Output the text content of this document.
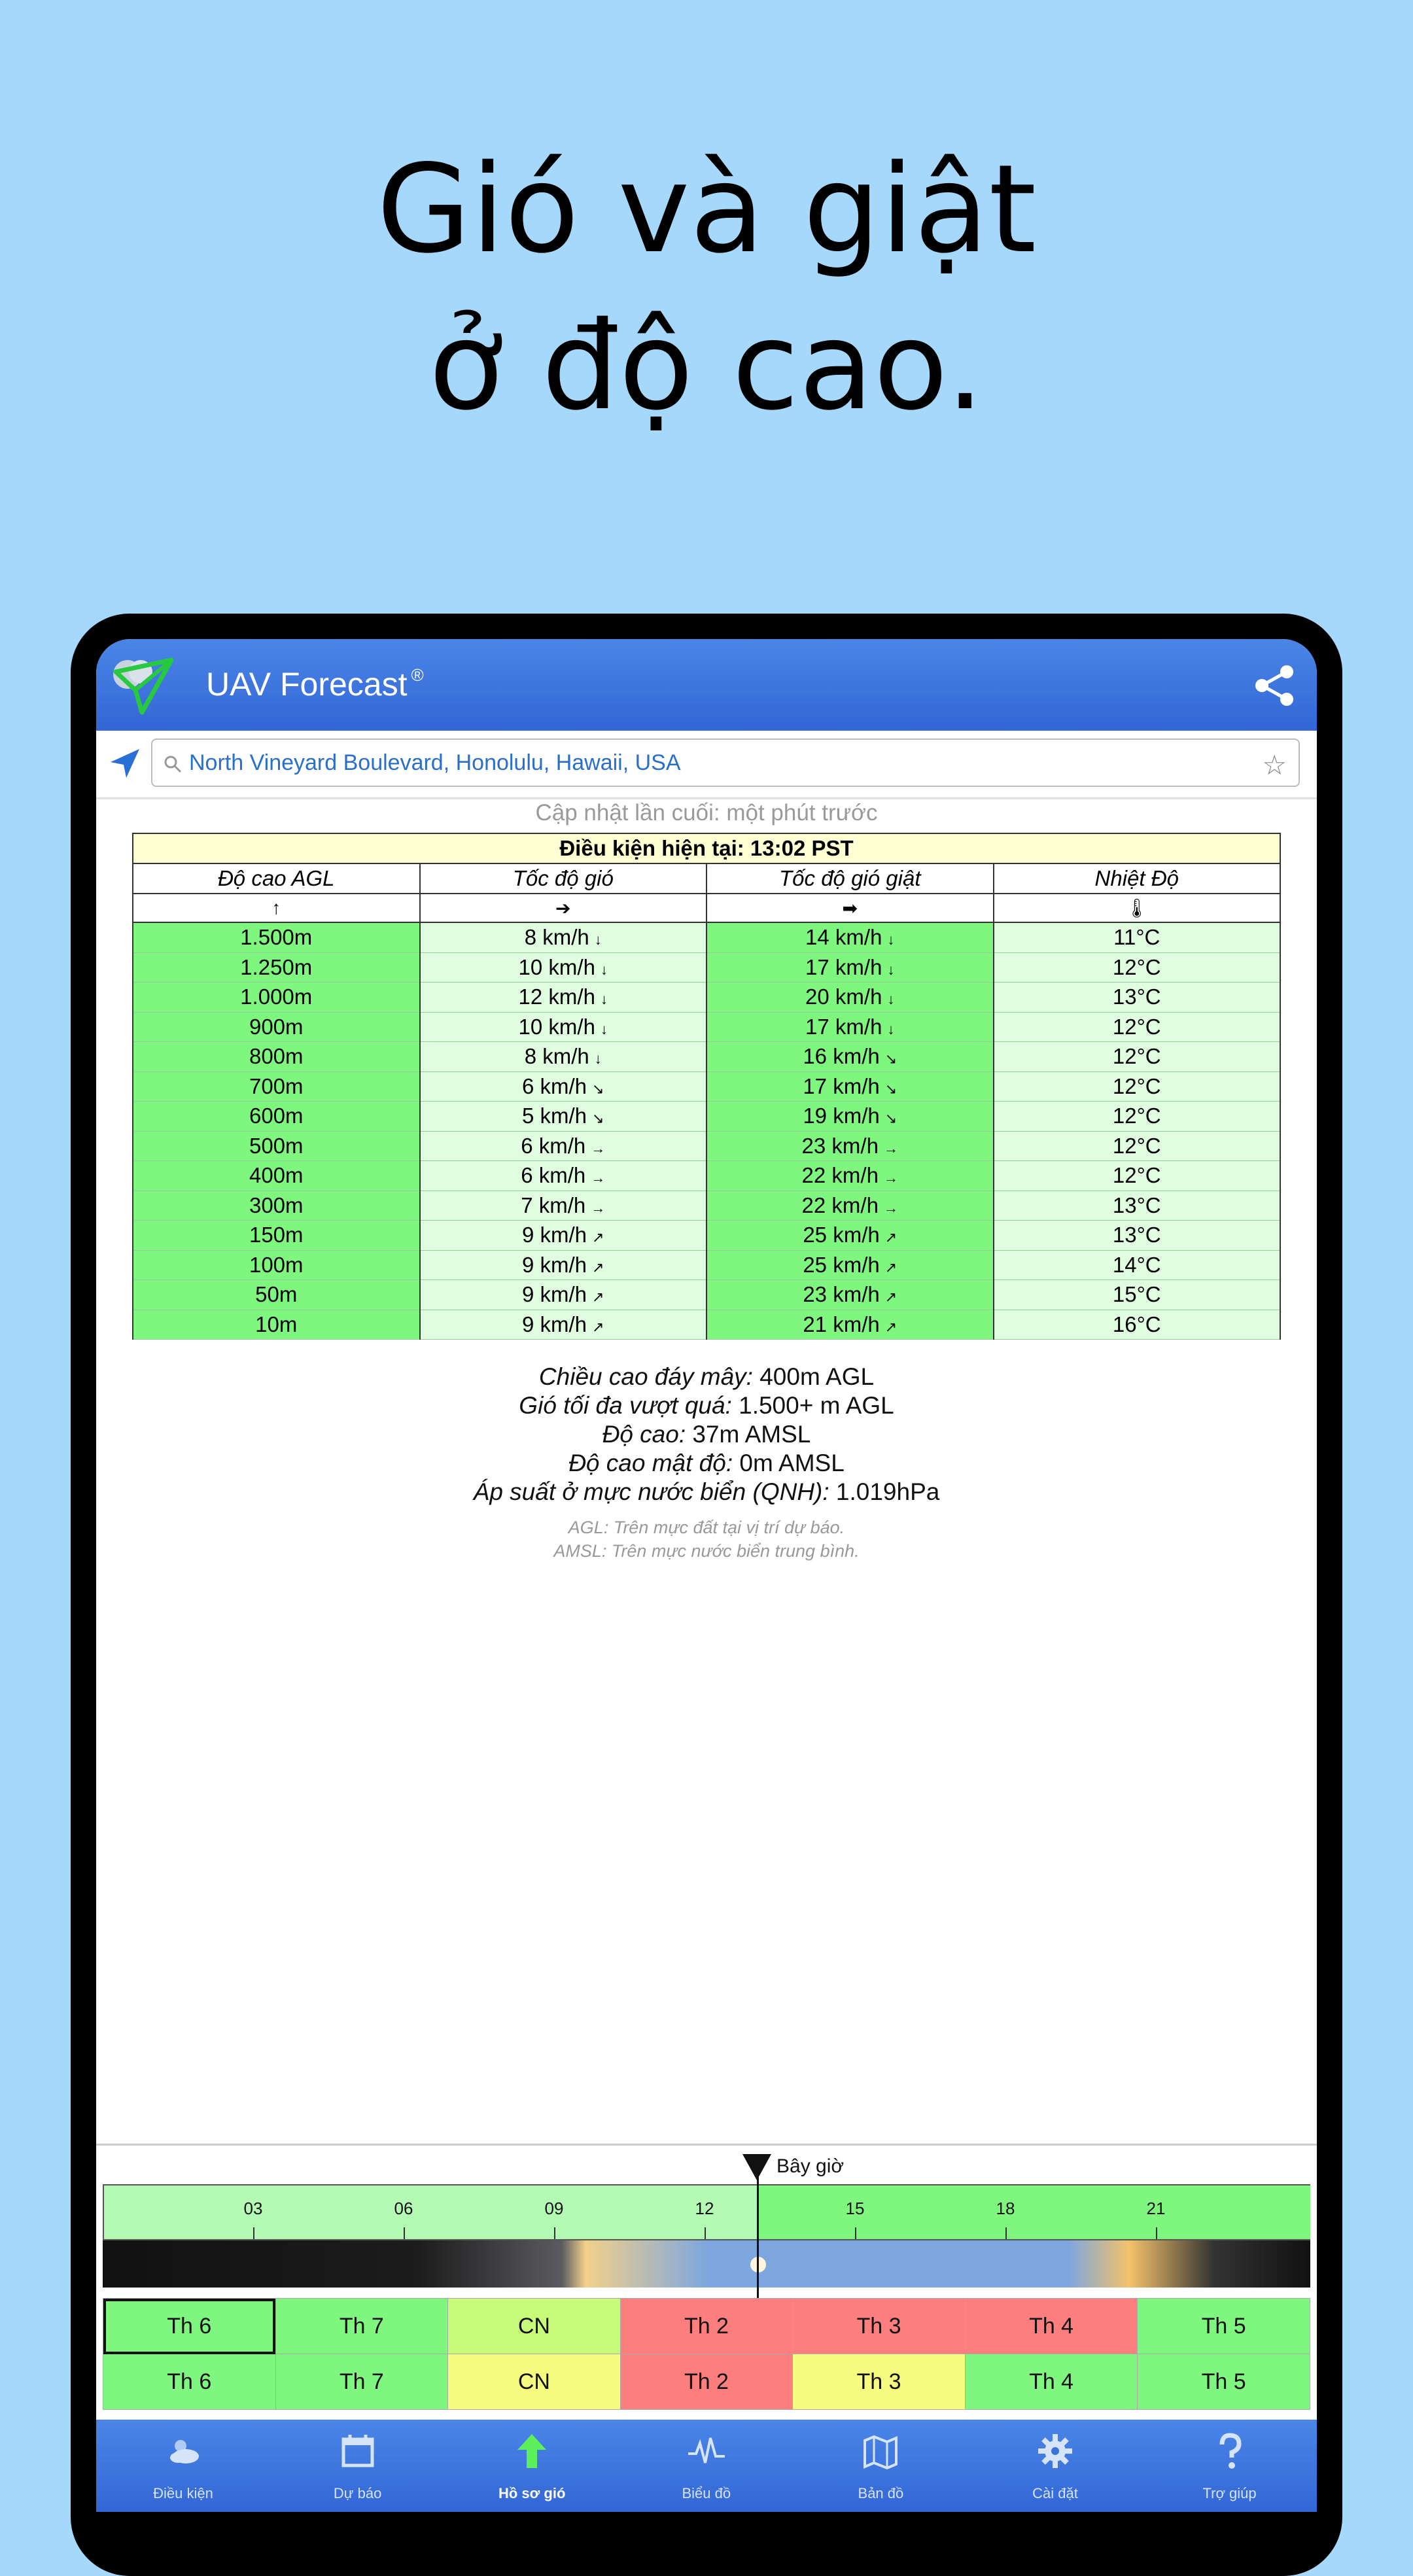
Gió và giật
ở độ cao.
UAV Forecast ®
North Vineyard Boulevard, Honolulu, Hawaii, USA	☆
Cập nhật lần cuối: một phút trước
Điều kiện hiện tại: 13:02 PST			
Độ cao AGL	Tốc độ gió	Tốc độ gió giật	Nhiệt Độ
↑	➔	➡	🌡
1.500m	8 km/h ↓	14 km/h ↓	11°C
1.250m	10 km/h ↓	17 km/h ↓	12°C
1.000m	12 km/h ↓	20 km/h ↓	13°C
900m	10 km/h ↓	17 km/h ↓	12°C
800m	8 km/h ↓	16 km/h ↘	12°C
700m	6 km/h ↘	17 km/h ↘	12°C
600m	5 km/h ↘	19 km/h ↘	12°C
500m	6 km/h →	23 km/h →	12°C
400m	6 km/h →	22 km/h →	12°C
300m	7 km/h →	22 km/h →	13°C
150m	9 km/h ↗	25 km/h ↗	13°C
100m	9 km/h ↗	25 km/h ↗	14°C
50m	9 km/h ↗	23 km/h ↗	15°C
10m	9 km/h ↗	21 km/h ↗	16°C
Chiều cao đáy mây: 400m AGL
Gió tối đa vượt quá: 1.500+ m AGL
Độ cao: 37m AMSL
Độ cao mật độ: 0m AMSL
Áp suất ở mực nước biển (QNH): 1.019hPa
AGL: Trên mực đất tại vị trí dự báo.
AMSL: Trên mực nước biển trung bình.
Bây giờ
03	06	09	12	15	18	21
Th 6	Th 7	CN	Th 2	Th 3	Th 4	Th 5
Th 6	Th 7	CN	Th 2	Th 3	Th 4	Th 5
Điều kiện	Dự báo	Hồ sơ gió	Biểu đồ	Bản đồ	Cài đặt	Trợ giúp
